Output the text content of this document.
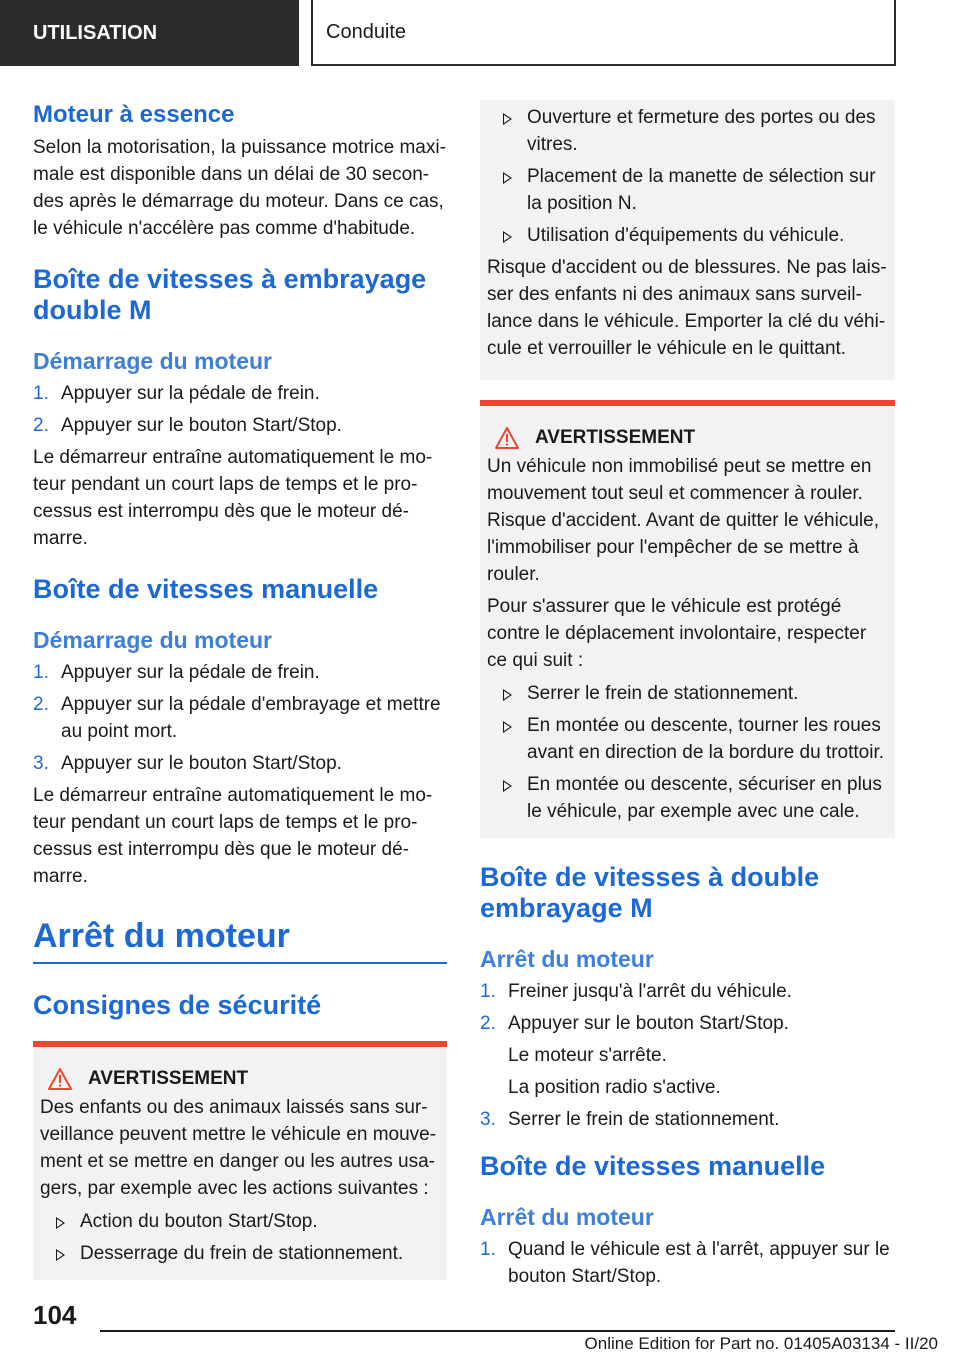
UTILISATION	Conduite
Moteur à essence

Selon la motorisation, la puissance motrice maxi-male est disponible dans un délai de 30 secon-des après le démarrage du moteur. Dans ce cas, le véhicule n'accélère pas comme d'habitude.

Boîte de vitesses à embrayage double M
Démarrage du moteur
1. Appuyer sur la pédale de frein.
2. Appuyer sur le bouton Start/Stop.

Le démarreur entraîne automatiquement le mo-teur pendant un court laps de temps et le pro-cessus est interrompu dès que le moteur dé-marre.

Boîte de vitesses manuelle
Démarrage du moteur
1. Appuyer sur la pédale de frein.
2. Appuyer sur la pédale d'embrayage et mettre au point mort.
3. Appuyer sur le bouton Start/Stop.

Le démarreur entraîne automatiquement le mo-teur pendant un court laps de temps et le pro-cessus est interrompu dès que le moteur dé-marre.

Arrêt du moteur
Consignes de sécurité
AVERTISSEMENT

Des enfants ou des animaux laissés sans sur-veillance peuvent mettre le véhicule en mouve-ment et se mettre en danger ou les autres usa-gers, par exemple avec les actions suivantes :

Action du bouton Start/Stop.
Desserrage du frein de stationnement.
Ouverture et fermeture des portes ou des vitres.
Placement de la manette de sélection sur la position N.
Utilisation d'équipements du véhicule.

Risque d'accident ou de blessures. Ne pas lais-ser des enfants ni des animaux sans surveil-lance dans le véhicule. Emporter la clé du véhi-cule et verrouiller le véhicule en le quittant.

AVERTISSEMENT

Un véhicule non immobilisé peut se mettre en mouvement tout seul et commencer à rouler. Risque d'accident. Avant de quitter le véhicule, l'immobiliser pour l'empêcher de se mettre à rouler.

Pour s'assurer que le véhicule est protégé contre le déplacement involontaire, respecter ce qui suit :

Serrer le frein de stationnement.
En montée ou descente, tourner les roues avant en direction de la bordure du trottoir.
En montée ou descente, sécuriser en plus le véhicule, par exemple avec une cale.
Boîte de vitesses à double embrayage M
Arrêt du moteur
1. Freiner jusqu'à l'arrêt du véhicule.
2. Appuyer sur le bouton Start/Stop.
Le moteur s'arrête.
La position radio s'active.
3. Serrer le frein de stationnement.
Boîte de vitesses manuelle
Arrêt du moteur
1. Quand le véhicule est à l'arrêt, appuyer sur le bouton Start/Stop.
104
Online Edition for Part no. 01405A03134 - II/20
